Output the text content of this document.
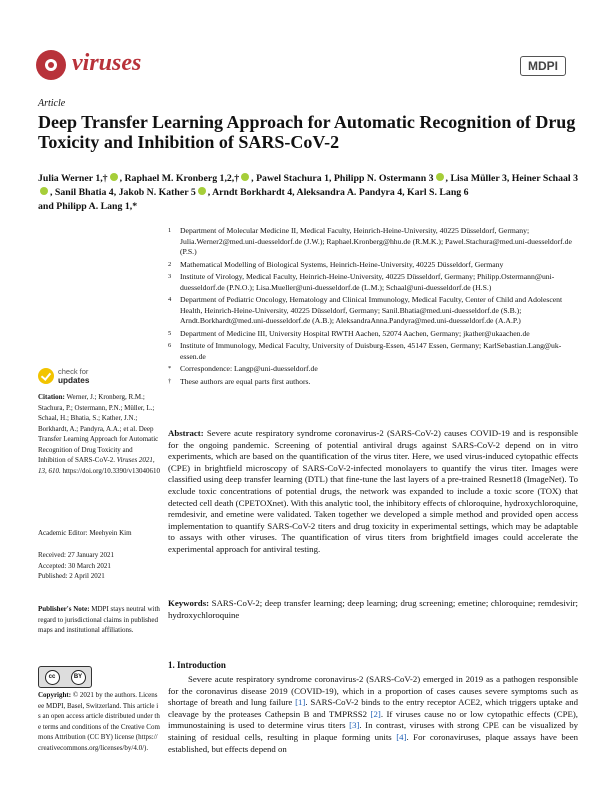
viruses	MDPI
Article
Deep Transfer Learning Approach for Automatic Recognition of Drug Toxicity and Inhibition of SARS-CoV-2
Julia Werner 1,† , Raphael M. Kronberg 1,2,† , Pawel Stachura 1, Philipp N. Ostermann 3 , Lisa Müller 3, Heiner Schaal 3, Sanil Bhatia 4, Jakob N. Kather 5 , Arndt Borkhardt 4, Aleksandra A. Pandyra 4, Karl S. Lang 6
and Philipp A. Lang 1,*
1	Department of Molecular Medicine II, Medical Faculty, Heinrich-Heine-University, 40225 Düsseldorf, Germany; Julia.Werner2@med.uni-duesseldorf.de (J.W.); Raphael.Kronberg@hhu.de (R.M.K.); Pawel.Stachura@med.uni-duesseldorf.de (P.S.)
2	Mathematical Modelling of Biological Systems, Heinrich-Heine-University, 40225 Düsseldorf, Germany
3	Institute of Virology, Medical Faculty, Heinrich-Heine-University, 40225 Düsseldorf, Germany; Philipp.Ostermann@uni-duesseldorf.de (P.N.O.); Lisa.Mueller@uni-duesseldorf.de (L.M.); Schaal@uni-duesseldorf.de (H.S.)
4	Department of Pediatric Oncology, Hematology and Clinical Immunology, Medical Faculty, Center of Child and Adolescent Health, Heinrich-Heine-University, 40225 Düsseldorf, Germany; Sanil.Bhatia@med.uni-duesseldorf.de (S.B.); Arndt.Borkhardt@med.uni-duesseldorf.de (A.B.); AleksandraAnna.Pandyra@med.uni-duesseldorf.de (A.A.P.)
5	Department of Medicine III, University Hospital RWTH Aachen, 52074 Aachen, Germany; jkather@ukaachen.de
6	Institute of Immunology, Medical Faculty, University of Duisburg-Essen, 45147 Essen, Germany; KarlSebastian.Lang@uk-essen.de
*	Correspondence: Langp@uni-duesseldorf.de
†	These authors are equal parts first authors.
check for
updates
Citation: Werner, J.; Kronberg, R.M.; Stachura, P.; Ostermann, P.N.; Müller, L.; Schaal, H.; Bhatia, S.; Kather, J.N.; Borkhardt, A.; Pandyra, A.A.; et al. Deep Transfer Learning Approach for Automatic Recognition of Drug Toxicity and Inhibition of SARS-CoV-2. Viruses 2021, 13, 610. https://doi.org/10.3390/v13040610
Academic Editor: Meehyein Kim
Received: 27 January 2021
Accepted: 30 March 2021
Published: 2 April 2021
Publisher's Note: MDPI stays neutral with regard to jurisdictional claims in published maps and institutional affiliations.
cc	BY
Copyright: © 2021 by the authors. Licensee MDPI, Basel, Switzerland. This article is an open access article distributed under the terms and conditions of the Creative Commons Attribution (CC BY) license (https://creativecommons.org/licenses/by/4.0/).
Abstract: Severe acute respiratory syndrome coronavirus-2 (SARS-CoV-2) causes COVID-19 and is responsible for the ongoing pandemic. Screening of potential antiviral drugs against SARS-CoV-2 depend on in vitro experiments, which are based on the quantification of the virus titer. Here, we used virus-induced cytopathic effects (CPE) in brightfield microscopy of SARS-CoV-2-infected monolayers to quantify the virus titer. Images were classified using deep transfer learning (DTL) that fine-tune the last layers of a pre-trained Resnet18 (ImageNet). To exclude toxic concentrations of potential drugs, the network was expanded to include a toxic score (TOX) that detected cell death (CPETOXnet). With this analytic tool, the inhibitory effects of chloroquine, hydroxychloroquine, remdesivir, and emetine were validated. Taken together we developed a simple method and provided open access implementation to quantify SARS-CoV-2 titers and drug toxicity in experimental settings, which may be adaptable to assays with other viruses. The quantification of virus titers from brightfield images could accelerate the experimental approach for antiviral testing.
Keywords: SARS-CoV-2; deep transfer learning; deep learning; drug screening; emetine; chloroquine; remdesivir; hydroxychloroquine
1. Introduction
Severe acute respiratory syndrome coronavirus-2 (SARS-CoV-2) emerged in 2019 as a pathogen responsible for the coronavirus disease 2019 (COVID-19), which in a proportion of cases causes severe symptoms such as shortage of breath and lung failure [1]. SARS-CoV-2 binds to the entry receptor ACE2, which triggers uptake and cleavage by the proteases Cathepsin B and TMPRSS2 [2]. If viruses cause no or low cytopathic effects (CPE), immunostaining is used to determine virus titers [3]. In contrast, viruses with strong CPE can be visualized by staining of residual cells, resulting in plaque forming units [4]. For coronaviruses, plaque assays have been established, but effects depend on
